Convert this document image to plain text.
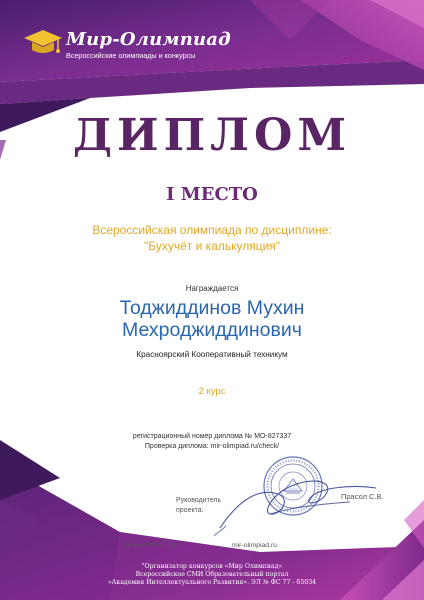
Мир-Олимпиад
Всероссийские олимпиады и конкурсы
ДИПЛОМ
I МЕСТО
Всероссийская олимпиада по дисциплине:
"Бухучёт и калькуляция"
Награждается
Тоджиддинов Мухин
Мехроджиддинович
Красноярский Кооперативный техникум
2 курс
регистрационный номер диплома № МО-827337
Проверка диплома: mir-olimpiad.ru/check/
Руководитель
проекта:
Прасол С.В.
30 мая 2023 года	mir-olimpiad.ru
"Организатор конкурсов «Мир Олимпиад»
Всероссийское СМИ Образовательный портал
«Академия Интеллектуального Развития». ЭЛ № ФС 77 - 65034
